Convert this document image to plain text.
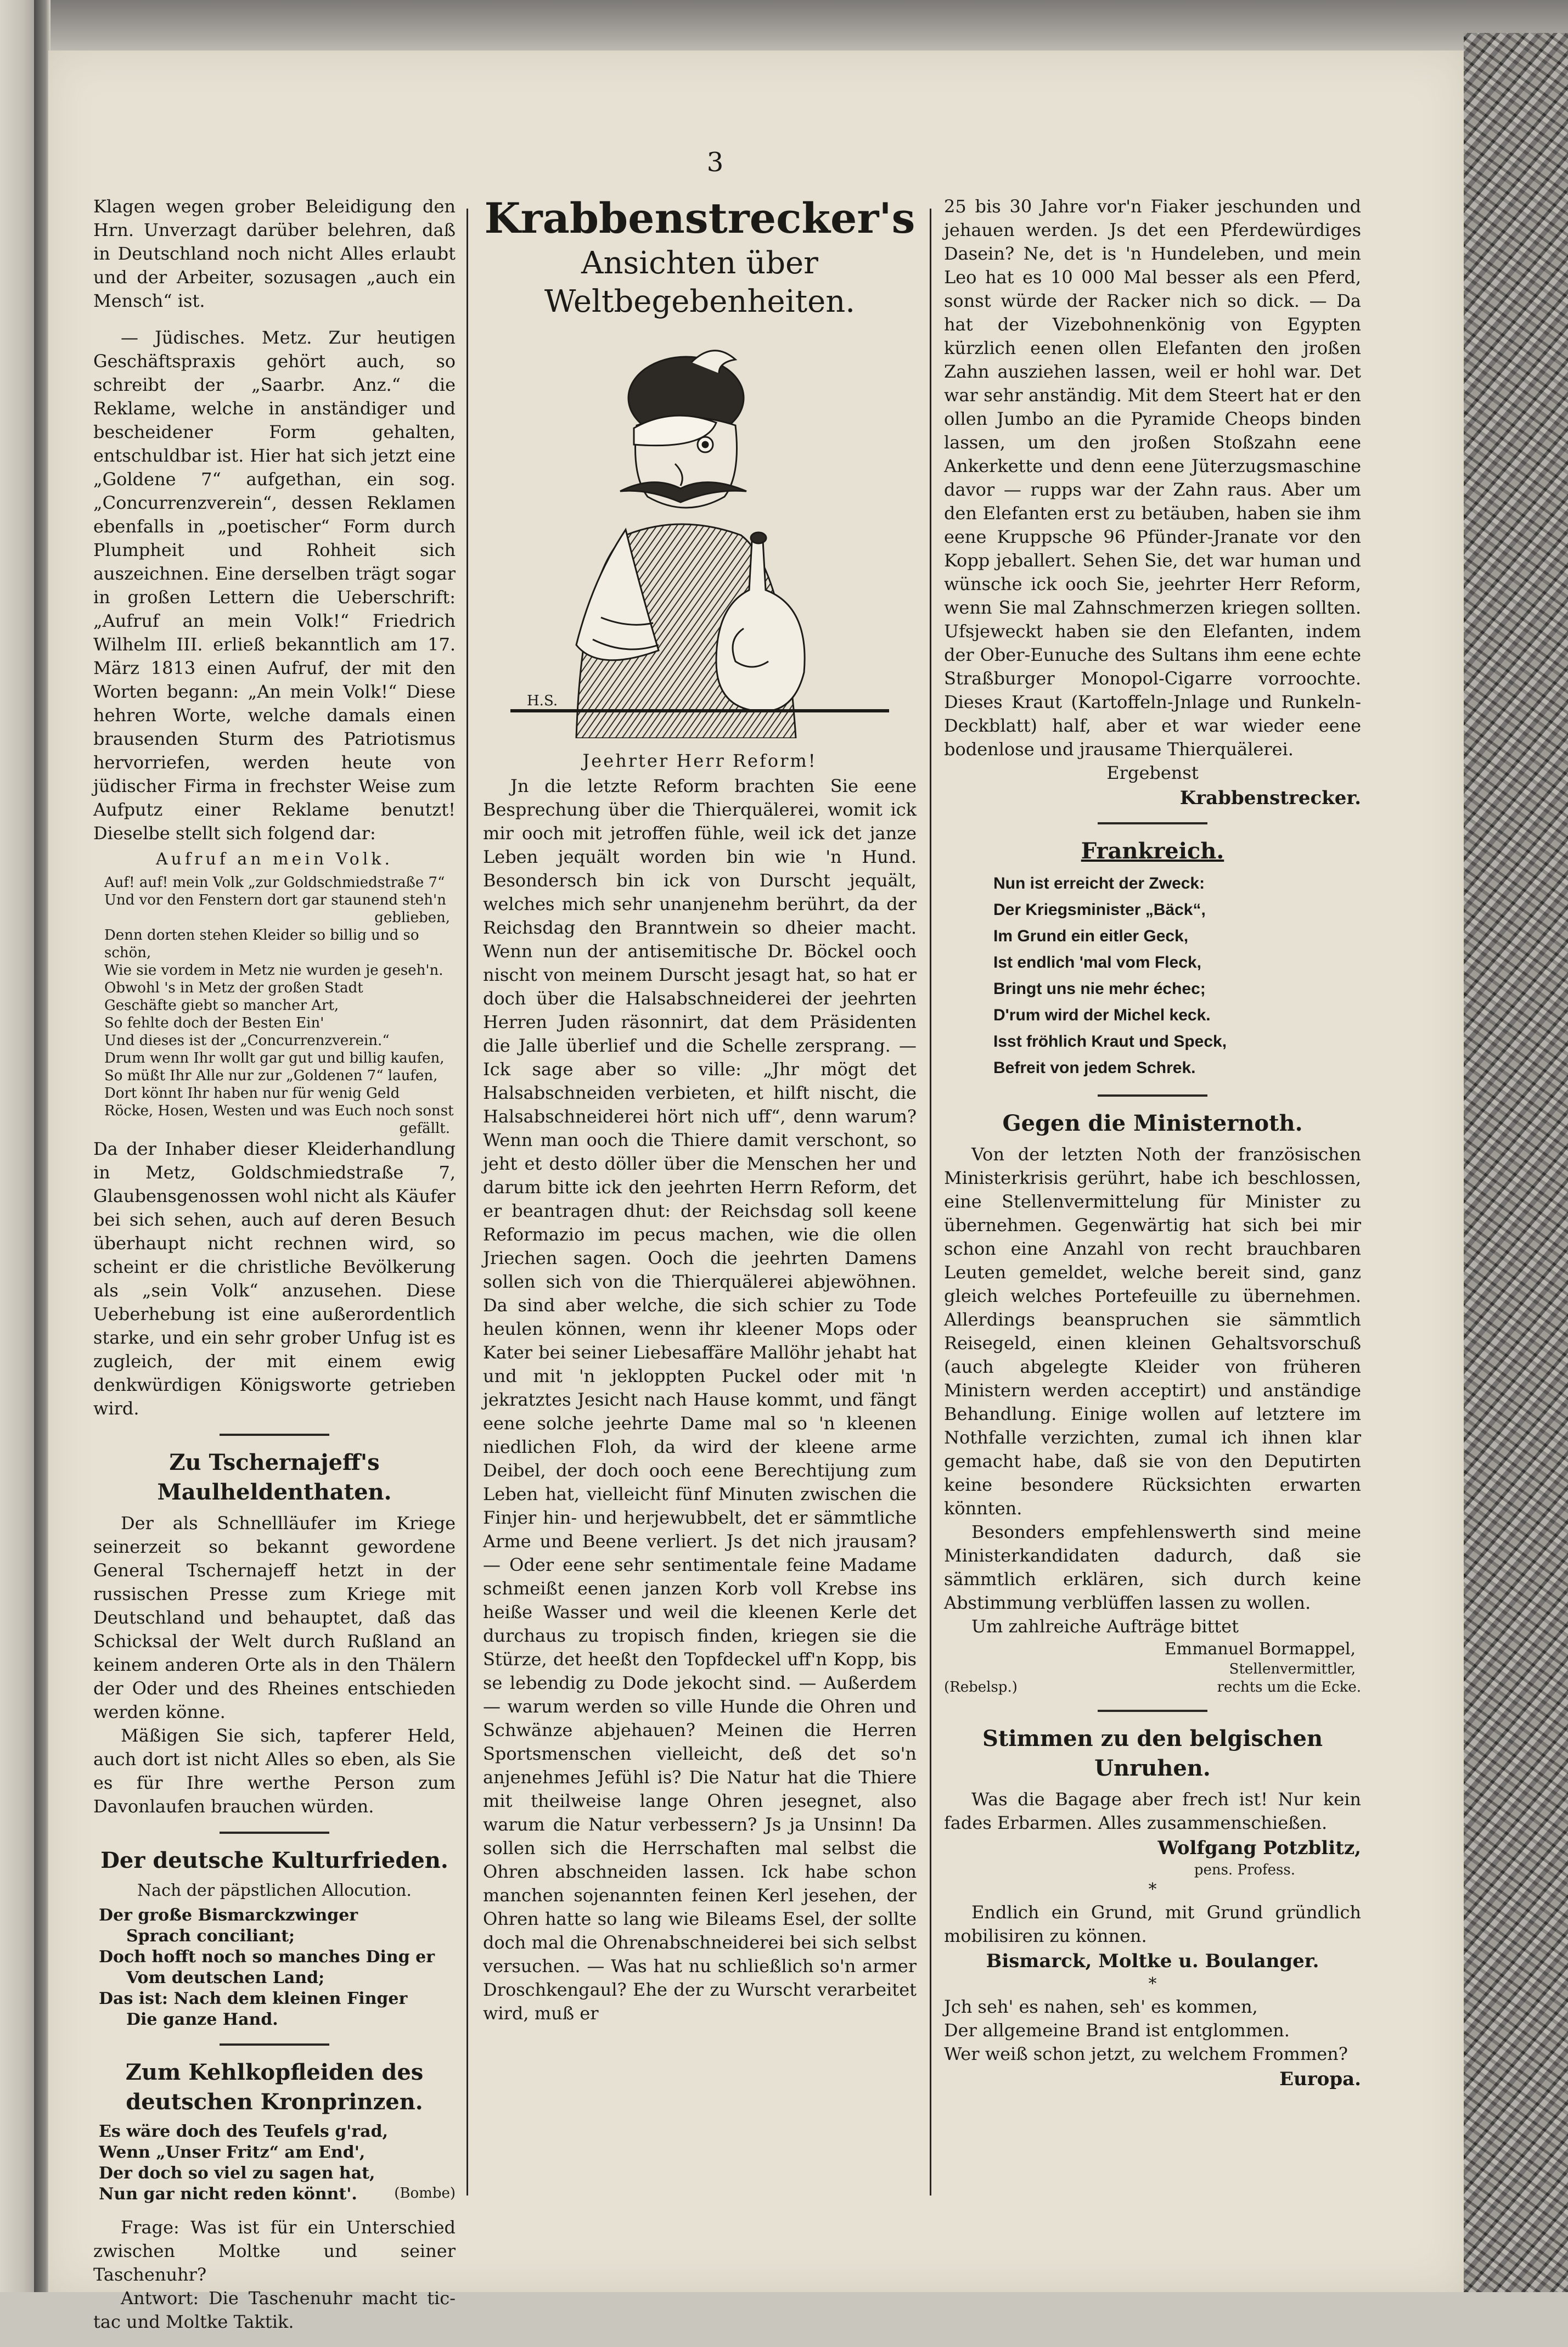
3

Klagen wegen grober Beleidigung den Hrn. Unverzagt darüber belehren, daß in Deutschland noch nicht Alles erlaubt und der Arbeiter, sozusagen „auch ein Mensch“ ist.

— Jüdisches. Metz. Zur heutigen Geschäftspraxis gehört auch, so schreibt der „Saarbr. Anz.“ die Reklame, welche in anständiger und bescheidener Form gehalten, entschuldbar ist. Hier hat sich jetzt eine „Goldene 7“ aufgethan, ein sog. „Concurrenzverein“, dessen Reklamen ebenfalls in „poetischer“ Form durch Plumpheit und Rohheit sich auszeichnen. Eine derselben trägt sogar in großen Lettern die Ueberschrift: „Aufruf an mein Volk!“ Friedrich Wilhelm III. erließ bekanntlich am 17. März 1813 einen Aufruf, der mit den Worten begann: „An mein Volk!“ Diese hehren Worte, welche damals einen brausenden Sturm des Patriotismus hervorriefen, werden heute von jüdischer Firma in frechster Weise zum Aufputz einer Reklame benutzt! Dieselbe stellt sich folgend dar:

Aufruf an mein Volk.

Auf! auf! mein Volk „zur Goldschmiedstraße 7“

Und vor den Fenstern dort gar staunend steh'n

geblieben,

Denn dorten stehen Kleider so billig und so schön,

Wie sie vordem in Metz nie wurden je geseh'n.

Obwohl 's in Metz der großen Stadt

Geschäfte giebt so mancher Art,

So fehlte doch der Besten Ein'

Und dieses ist der „Concurrenzverein.“

Drum wenn Ihr wollt gar gut und billig kaufen,

So müßt Ihr Alle nur zur „Goldenen 7“ laufen,

Dort könnt Ihr haben nur für wenig Geld

Röcke, Hosen, Westen und was Euch noch sonst

gefällt.

Da der Inhaber dieser Kleiderhandlung in Metz, Goldschmiedstraße 7, Glaubensgenossen wohl nicht als Käufer bei sich sehen, auch auf deren Besuch überhaupt nicht rechnen wird, so scheint er die christliche Bevölkerung als „sein Volk“ anzusehen. Diese Ueberhebung ist eine außerordentlich starke, und ein sehr grober Unfug ist es zugleich, der mit einem ewig denkwürdigen Königsworte getrieben wird.

Zu Tschernajeff's Maulheldenthaten.

Der als Schnellläufer im Kriege seinerzeit so bekannt gewordene General Tschernajeff hetzt in der russischen Presse zum Kriege mit Deutschland und behauptet, daß das Schicksal der Welt durch Rußland an keinem anderen Orte als in den Thälern der Oder und des Rheines entschieden werden könne.

Mäßigen Sie sich, tapferer Held, auch dort ist nicht Alles so eben, als Sie es für Ihre werthe Person zum Davonlaufen brauchen würden.

Der deutsche Kulturfrieden.

Nach der päpstlichen Allocution.

Der große Bismarckzwinger

Sprach conciliant;

Doch hofft noch so manches Ding er

Vom deutschen Land;

Das ist: Nach dem kleinen Finger

Die ganze Hand.

Zum Kehlkopfleiden des deutschen Kronprinzen.

Es wäre doch des Teufels g'rad,

Wenn „Unser Fritz“ am End',

Der doch so viel zu sagen hat,

Nun gar nicht reden könnt'.	(Bombe)

Frage: Was ist für ein Unterschied zwischen Moltke und seiner Taschenuhr?

Antwort: Die Taschenuhr macht tic-tac und Moltke Taktik.

Krabbenstrecker's

Ansichten über Weltbegebenheiten.

H.S.

Jeehrter Herr Reform!

Jn die letzte Reform brachten Sie eene Besprechung über die Thierquälerei, womit ick mir ooch mit jetroffen fühle, weil ick det janze Leben jequält worden bin wie 'n Hund. Besondersch bin ick von Durscht jequält, welches mich sehr unanjenehm berührt, da der Reichsdag den Branntwein so dheier macht. Wenn nun der antisemitische Dr. Böckel ooch nischt von meinem Durscht jesagt hat, so hat er doch über die Halsabschneiderei der jeehrten Herren Juden räsonnirt, dat dem Präsidenten die Jalle überlief und die Schelle zersprang. — Ick sage aber so ville: „Jhr mögt det Halsabschneiden verbieten, et hilft nischt, die Halsabschneiderei hört nich uff“, denn warum? Wenn man ooch die Thiere damit verschont, so jeht et desto döller über die Menschen her und darum bitte ick den jeehrten Herrn Reform, det er beantragen dhut: der Reichsdag soll keene Reformazio im pecus machen, wie die ollen Jriechen sagen. Ooch die jeehrten Damens sollen sich von die Thierquälerei abjewöhnen. Da sind aber welche, die sich schier zu Tode heulen können, wenn ihr kleener Mops oder Kater bei seiner Liebesaffäre Mallöhr jehabt hat und mit 'n jekloppten Puckel oder mit 'n jekratztes Jesicht nach Hause kommt, und fängt eene solche jeehrte Dame mal so 'n kleenen niedlichen Floh, da wird der kleene arme Deibel, der doch ooch eene Berechtijung zum Leben hat, vielleicht fünf Minuten zwischen die Finjer hin- und herjewubbelt, det er sämmtliche Arme und Beene verliert. Js det nich jrausam? — Oder eene sehr sentimentale feine Madame schmeißt eenen janzen Korb voll Krebse ins heiße Wasser und weil die kleenen Kerle det durchaus zu tropisch finden, kriegen sie die Stürze, det heeßt den Topfdeckel uff'n Kopp, bis se lebendig zu Dode jekocht sind. — Außerdem — warum werden so ville Hunde die Ohren und Schwänze abjehauen? Meinen die Herren Sportsmenschen vielleicht, deß det so'n anjenehmes Jefühl is? Die Natur hat die Thiere mit theilweise lange Ohren jesegnet, also warum die Natur verbessern? Js ja Unsinn! Da sollen sich die Herrschaften mal selbst die Ohren abschneiden lassen. Ick habe schon manchen sojenannten feinen Kerl jesehen, der Ohren hatte so lang wie Bileams Esel, der sollte doch mal die Ohrenabschneiderei bei sich selbst versuchen. — Was hat nu schließlich so'n armer Droschkengaul? Ehe der zu Wurscht verarbeitet wird, muß er

25 bis 30 Jahre vor'n Fiaker jeschunden und jehauen werden. Js det een Pferdewürdiges Dasein? Ne, det is 'n Hundeleben, und mein Leo hat es 10 000 Mal besser als een Pferd, sonst würde der Racker nich so dick. — Da hat der Vizebohnenkönig von Egypten kürzlich eenen ollen Elefanten den jroßen Zahn ausziehen lassen, weil er hohl war. Det war sehr anständig. Mit dem Steert hat er den ollen Jumbo an die Pyramide Cheops binden lassen, um den jroßen Stoßzahn eene Ankerkette und denn eene Jüterzugsmaschine davor — rupps war der Zahn raus. Aber um den Elefanten erst zu betäuben, haben sie ihm eene Kruppsche 96 Pfünder-Jranate vor den Kopp jeballert. Sehen Sie, det war human und wünsche ick ooch Sie, jeehrter Herr Reform, wenn Sie mal Zahnschmerzen kriegen sollten. Ufsjeweckt haben sie den Elefanten, indem der Ober-Eunuche des Sultans ihm eene echte Straßburger Monopol-Cigarre vorroochte. Dieses Kraut (Kartoffeln-Jnlage und Runkeln-Deckblatt) half, aber et war wieder eene bodenlose und jrausame Thierquälerei.

Ergebenst

Krabbenstrecker.

Frankreich.

Nun ist erreicht der Zweck:

Der Kriegsminister „Bäck“,

Im Grund ein eitler Geck,

Ist endlich 'mal vom Fleck,

Bringt uns nie mehr échec;

D'rum wird der Michel keck.

Isst fröhlich Kraut und Speck,

Befreit von jedem Schrek.

Gegen die Ministernoth.

Von der letzten Noth der französischen Ministerkrisis gerührt, habe ich beschlossen, eine Stellenvermittelung für Minister zu übernehmen. Gegenwärtig hat sich bei mir schon eine Anzahl von recht brauchbaren Leuten gemeldet, welche bereit sind, ganz gleich welches Portefeuille zu übernehmen. Allerdings beanspruchen sie sämmtlich Reisegeld, einen kleinen Gehaltsvorschuß (auch abgelegte Kleider von früheren Ministern werden acceptirt) und anständige Behandlung. Einige wollen auf letztere im Nothfalle verzichten, zumal ich ihnen klar gemacht habe, daß sie von den Deputirten keine besondere Rücksichten erwarten könnten.

Besonders empfehlenswerth sind meine Ministerkandidaten dadurch, daß sie sämmtlich erklären, sich durch keine Abstimmung verblüffen lassen zu wollen.

Um zahlreiche Aufträge bittet

Emmanuel Bormappel,

Stellenvermittler,

(Rebelsp.)	rechts um die Ecke.

Stimmen zu den belgischen Unruhen.

Was die Bagage aber frech ist! Nur kein fades Erbarmen. Alles zusammenschießen.

Wolfgang Potzblitz,

pens. Profess.

*

Endlich ein Grund, mit Grund gründlich mobilisiren zu können.

Bismarck, Moltke u. Boulanger.

*

Jch seh' es nahen, seh' es kommen,

Der allgemeine Brand ist entglommen.

Wer weiß schon jetzt, zu welchem Frommen?

Europa.
